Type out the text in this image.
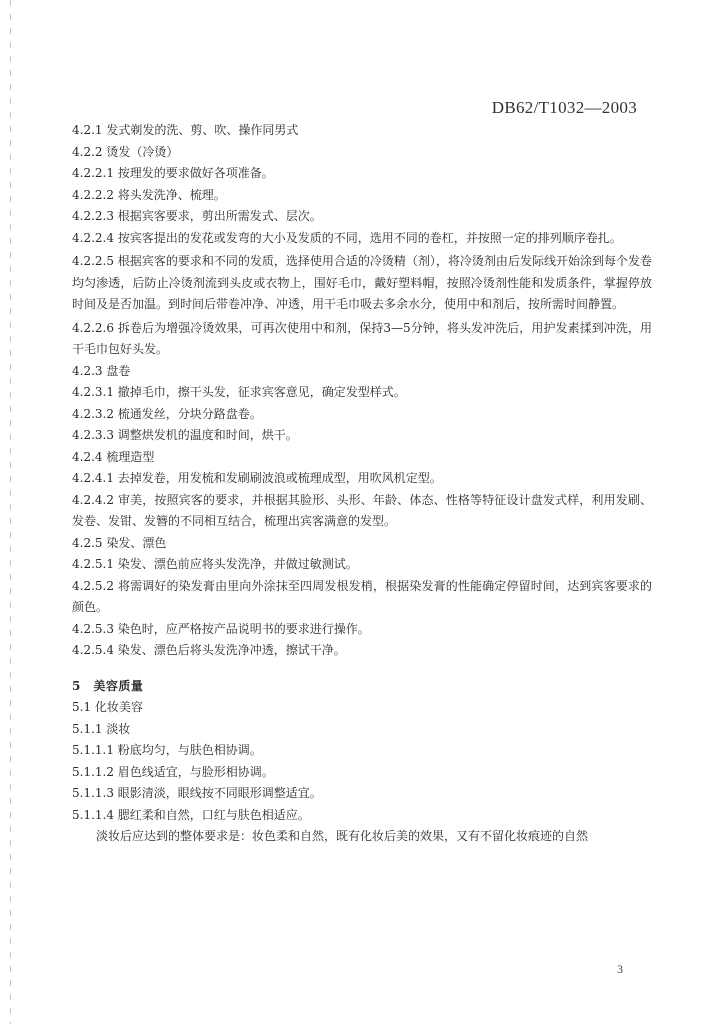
DB62/T1032—2003
4.2.1 发式剃发的洗、剪、吹、操作同男式
4.2.2 烫发（冷烫）
4.2.2.1 按理发的要求做好各项准备。
4.2.2.2 将头发洗净、梳理。
4.2.2.3 根据宾客要求，剪出所需发式、层次。

4.2.2.4 按宾客提出的发花或发弯的大小及发质的不同，选用不同的卷杠，并按照一定的排列顺序卷扎。

4.2.2.5 根据宾客的要求和不同的发质，选择使用合适的冷烫精（剂），将冷烫剂由后发际线开始涂到每个发卷均匀渗透，后防止冷烫剂流到头皮或衣物上，围好毛巾，戴好塑料帽，按照冷烫剂性能和发质条件，掌握停放时间及是否加温。到时间后带卷冲净、冲透，用干毛巾吸去多余水分，使用中和剂后，按所需时间静置。

4.2.2.6 拆卷后为增强冷烫效果，可再次使用中和剂，保持3—5分钟，将头发冲洗后，用护发素揉到冲洗，用干毛巾包好头发。

4.2.3 盘卷
4.2.3.1 撤掉毛巾，擦干头发，征求宾客意见，确定发型样式。
4.2.3.2 梳通发丝，分块分路盘卷。
4.2.3.3 调整烘发机的温度和时间，烘干。
4.2.4 梳理造型
4.2.4.1 去掉发卷，用发梳和发刷刷波浪或梳理成型，用吹风机定型。

4.2.4.2 审美，按照宾客的要求，并根据其脸形、头形、年龄、体态、性格等特征设计盘发式样，利用发刷、发卷、发钳、发簪的不同相互结合，梳理出宾客满意的发型。

4.2.5 染发、漂色
4.2.5.1 染发、漂色前应将头发洗净，并做过敏测试。

4.2.5.2 将需调好的染发膏由里向外涂抹至四周发根发梢，根据染发膏的性能确定停留时间，达到宾客要求的颜色。

4.2.5.3 染色时，应严格按产品说明书的要求进行操作。
4.2.5.4 染发、漂色后将头发洗净冲透，擦试干净。
5　美容质量
5.1 化妆美容
5.1.1 淡妆
5.1.1.1 粉底均匀，与肤色相协调。
5.1.1.2 眉色线适宜，与脸形相协调。
5.1.1.3 眼影清淡，眼线按不同眼形调整适宜。
5.1.1.4 腮红柔和自然，口红与肤色相适应。
淡妆后应达到的整体要求是：妆色柔和自然，既有化妆后美的效果，又有不留化妆痕迹的自然
3
